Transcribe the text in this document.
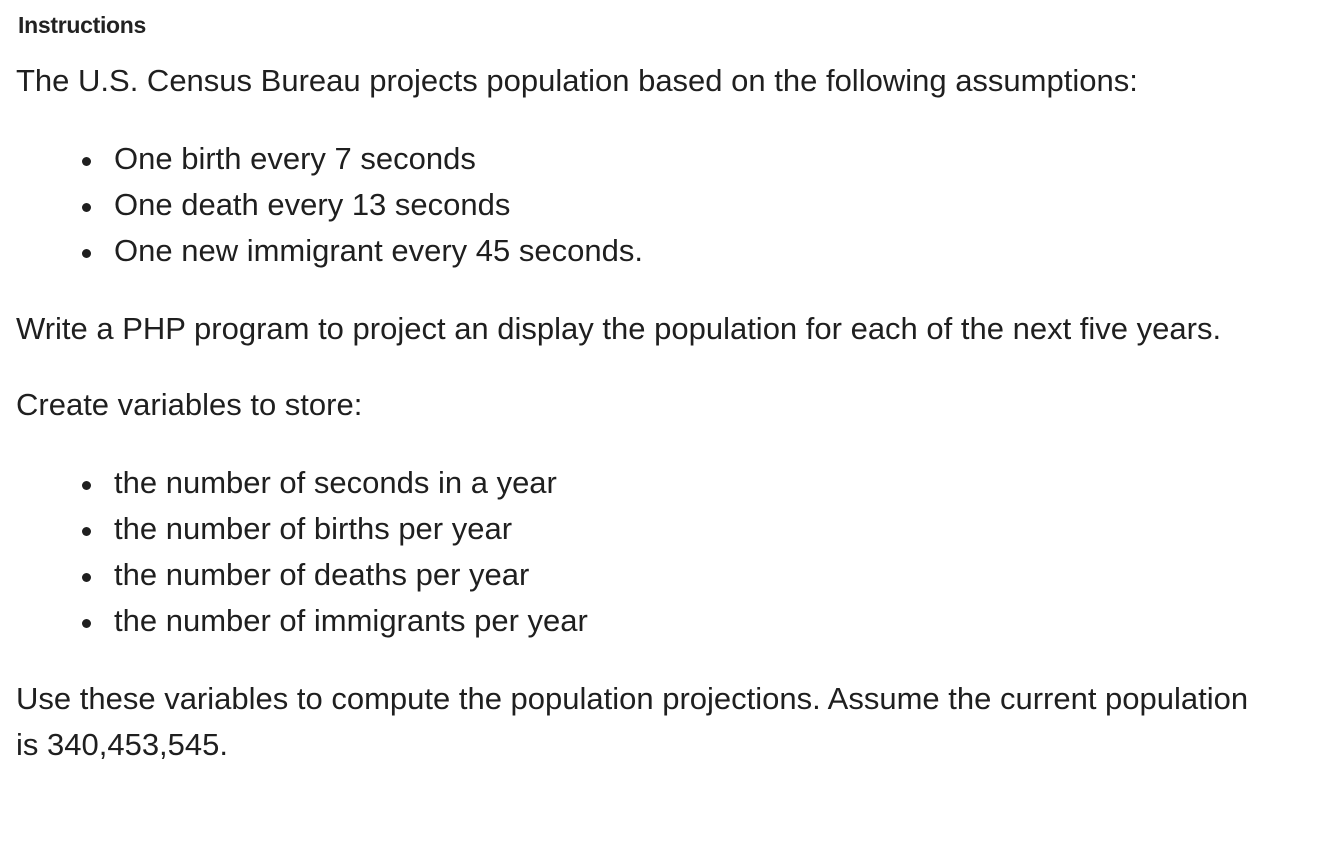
Instructions

The U.S. Census Bureau projects population based on the following assumptions:

One birth every 7 seconds
One death every 13 seconds
One new immigrant every 45 seconds.

Write a PHP program to project an display the population for each of the next five years.

Create variables to store:

the number of seconds in a year
the number of births per year
the number of deaths per year
the number of immigrants per year

Use these variables to compute the population projections. Assume the current population is 340,453,545.
